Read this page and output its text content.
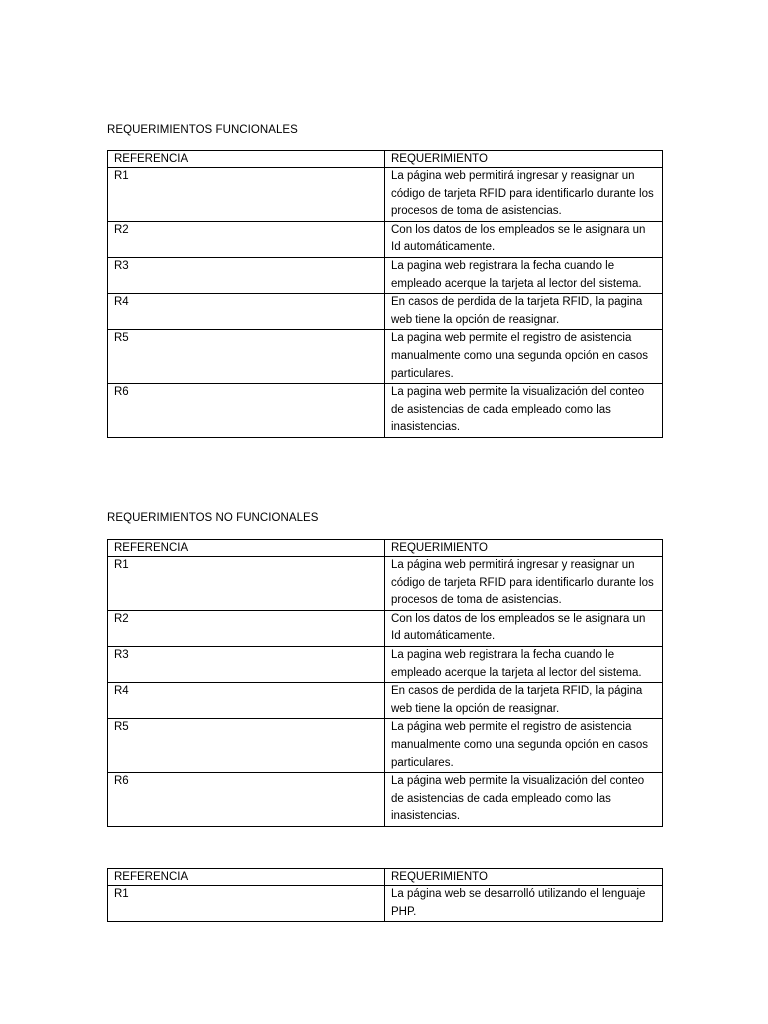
REQUERIMIENTOS FUNCIONALES
REFERENCIA	REQUERIMIENTO
R1	La página web permitirá ingresar y reasignar un código de tarjeta RFID para identificarlo durante los procesos de toma de asistencias.
R2	Con los datos de los empleados se le asignara un Id automáticamente.
R3	La pagina web registrara la fecha cuando le empleado acerque la tarjeta al lector del sistema.
R4	En casos de perdida de la tarjeta RFID, la pagina web tiene la opción de reasignar.
R5	La pagina web permite el registro de asistencia manualmente como una segunda opción en casos particulares.
R6	La pagina web permite la visualización del conteo de asistencias de cada empleado como las inasistencias.
REQUERIMIENTOS NO FUNCIONALES
REFERENCIA	REQUERIMIENTO
R1	La página web permitirá ingresar y reasignar un código de tarjeta RFID para identificarlo durante los procesos de toma de asistencias.
R2	Con los datos de los empleados se le asignara un Id automáticamente.
R3	La pagina web registrara la fecha cuando le empleado acerque la tarjeta al lector del sistema.
R4	En casos de perdida de la tarjeta RFID, la página web tiene la opción de reasignar.
R5	La página web permite el registro de asistencia manualmente como una segunda opción en casos particulares.
R6	La página web permite la visualización del conteo de asistencias de cada empleado como las inasistencias.
REFERENCIA	REQUERIMIENTO
R1	La página web se desarrolló utilizando el lenguaje PHP.
